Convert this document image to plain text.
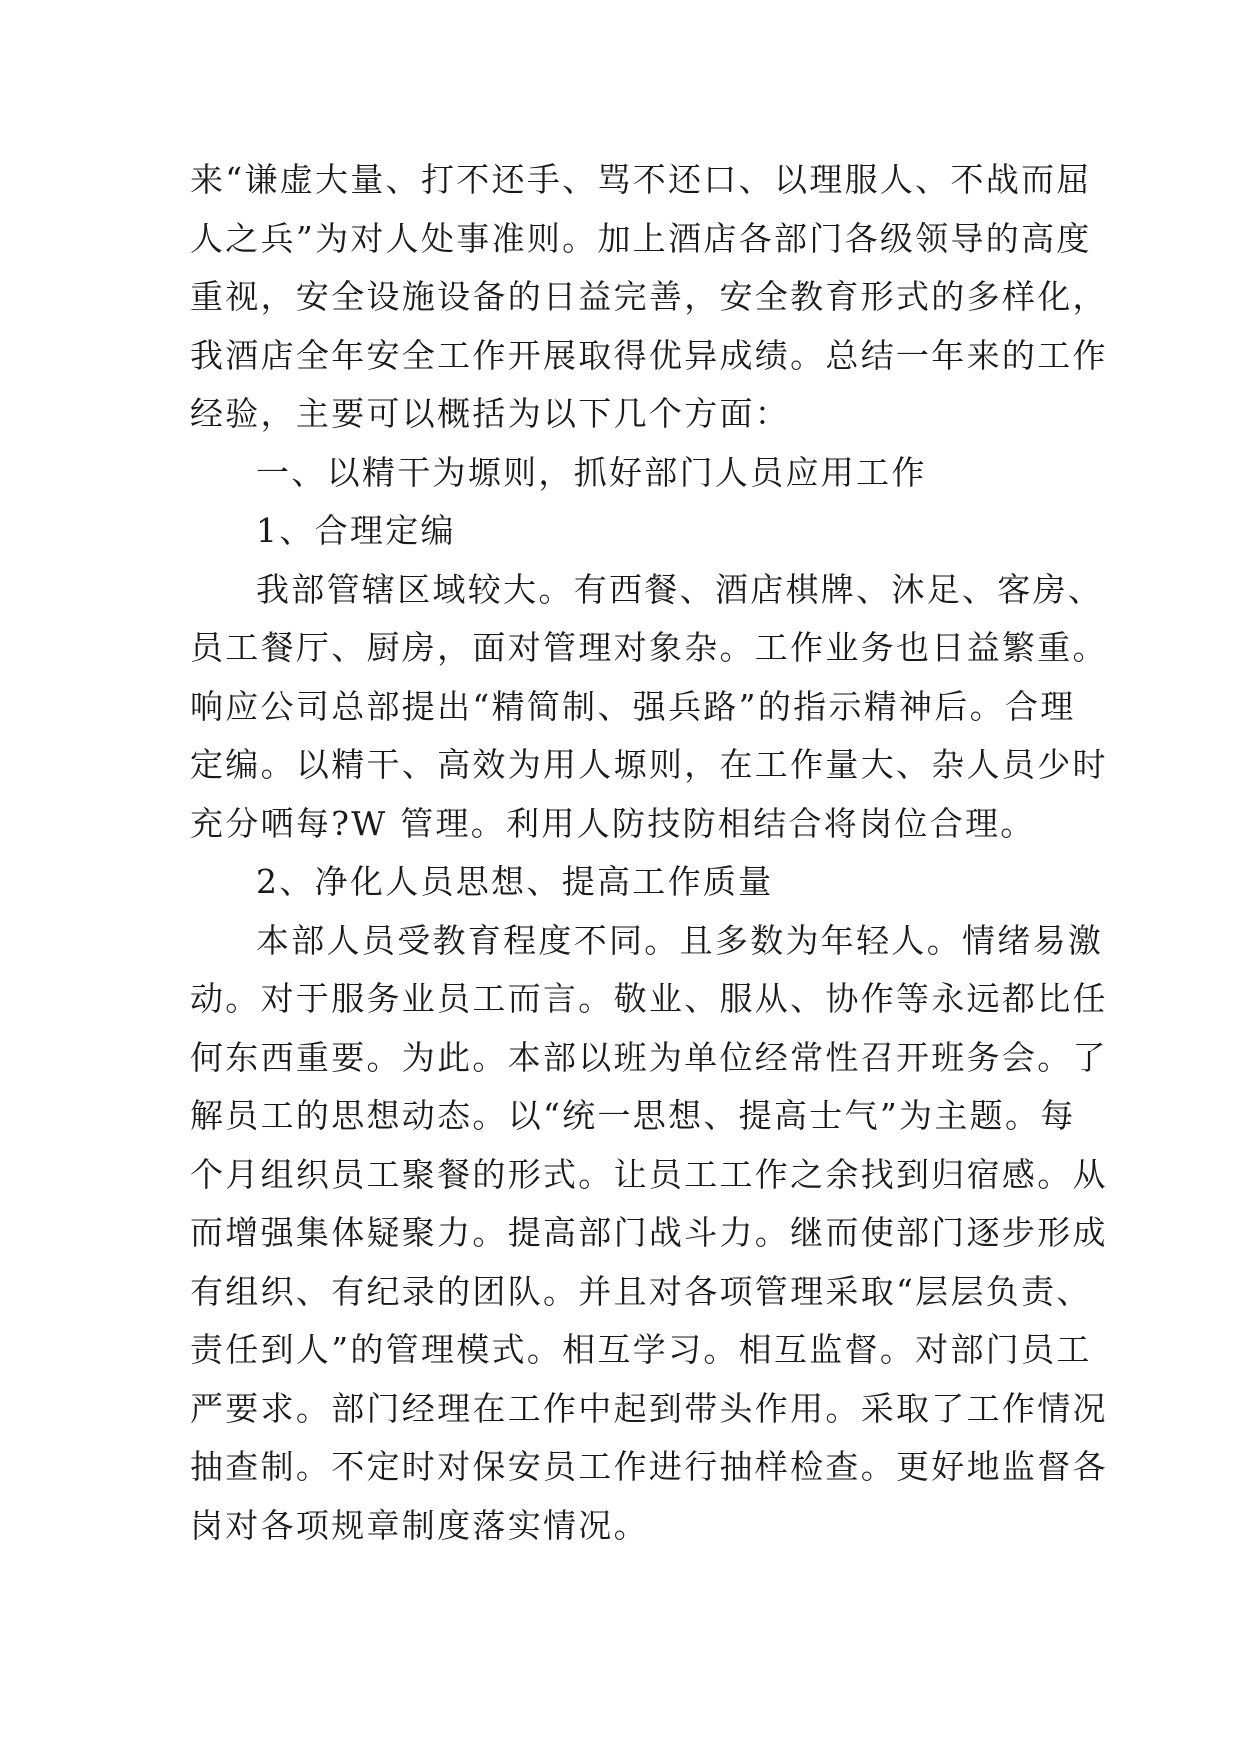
来“谦虚大量、打不还手、骂不还口、以理服人、不战而屈
人之兵”为对人处事准则。加上酒店各部门各级领导的高度
重视，安全设施设备的日益完善，安全教育形式的多样化，
我酒店全年安全工作开展取得优异成绩。总结一年来的工作
经验，主要可以概括为以下几个方面：
一、以精干为塬则，抓好部门人员应用工作
1、合理定编
我部管辖区域较大。有西餐、酒店棋牌、沐足、客房、
员工餐厅、厨房，面对管理对象杂。工作业务也日益繁重。
响应公司总部提出“精简制、强兵路”的指示精神后。合理
定编。以精干、高效为用人塬则，在工作量大、杂人员少时
充分哂每?W 管理。利用人防技防相结合将岗位合理。
2、净化人员思想、提高工作质量
本部人员受教育程度不同。且多数为年轻人。情绪易激
动。对于服务业员工而言。敬业、服从、协作等永远都比任
何东西重要。为此。本部以班为单位经常性召开班务会。了
解员工的思想动态。以“统一思想、提高士气”为主题。每
个月组织员工聚餐的形式。让员工工作之余找到归宿感。从
而增强集体疑聚力。提高部门战斗力。继而使部门逐步形成
有组织、有纪录的团队。并且对各项管理采取“层层负责、
责任到人”的管理模式。相互学习。相互监督。对部门员工
严要求。部门经理在工作中起到带头作用。采取了工作情况
抽查制。不定时对保安员工作进行抽样检查。更好地监督各
岗对各项规章制度落实情况。
